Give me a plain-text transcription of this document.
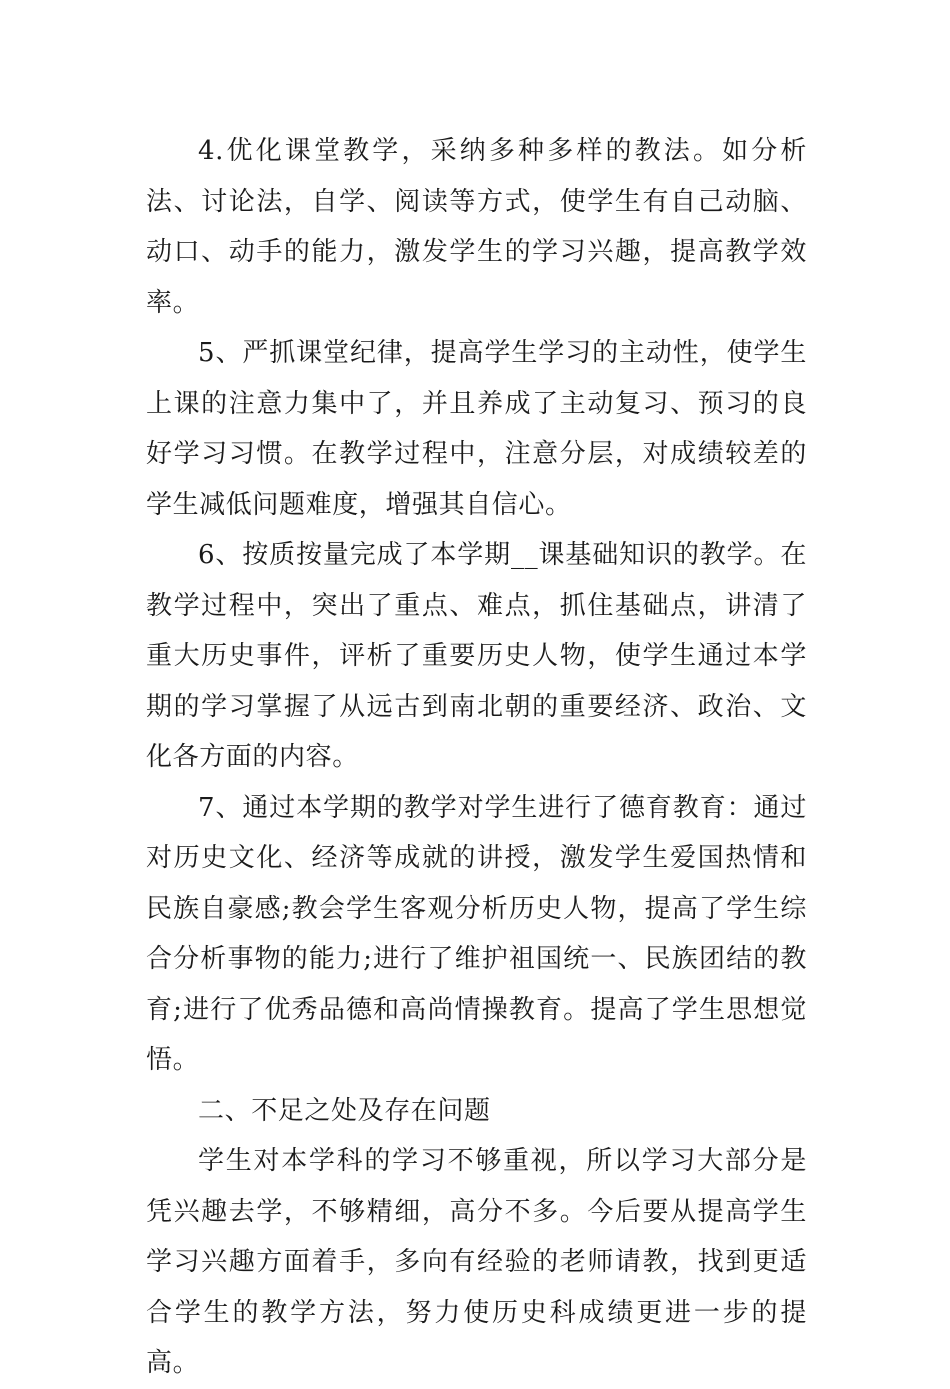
4.优化课堂教学，采纳多种多样的教法。如分析法、讨论法，自学、阅读等方式，使学生有自己动脑、动口、动手的能力，激发学生的学习兴趣，提高教学效率。

5、严抓课堂纪律，提高学生学习的主动性，使学生上课的注意力集中了，并且养成了主动复习、预习的良好学习习惯。在教学过程中，注意分层，对成绩较差的学生减低问题难度，增强其自信心。

6、按质按量完成了本学期__课基础知识的教学。在教学过程中，突出了重点、难点，抓住基础点，讲清了重大历史事件，评析了重要历史人物，使学生通过本学期的学习掌握了从远古到南北朝的重要经济、政治、文化各方面的内容。

7、通过本学期的教学对学生进行了德育教育：通过对历史文化、经济等成就的讲授，激发学生爱国热情和民族自豪感;教会学生客观分析历史人物，提高了学生综合分析事物的能力;进行了维护祖国统一、民族团结的教育;进行了优秀品德和高尚情操教育。提高了学生思想觉悟。

二、不足之处及存在问题

学生对本学科的学习不够重视，所以学习大部分是凭兴趣去学，不够精细，高分不多。今后要从提高学生学习兴趣方面着手，多向有经验的老师请教，找到更适合学生的教学方法，努力使历史科成绩更进一步的提高。
